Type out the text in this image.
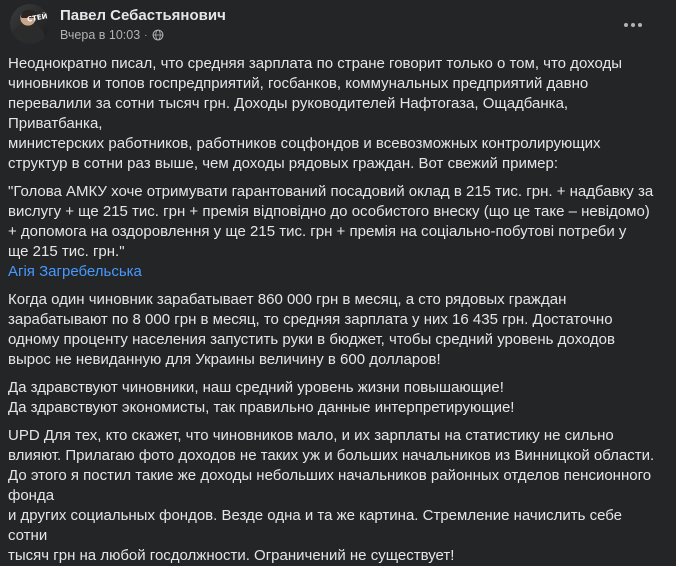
СТЕЙ Павел Себастьянович
Вчера в 10:03 ·

Неоднократно писал, что средняя зарплата по стране говорит только о том, что доходы

чиновников и топов госпредприятий, госбанков, коммунальных предприятий давно

перевалили за сотни тысяч грн. Доходы руководителей Нафтогаза, Ощадбанка, Приватбанка,

министерских работников, работников соцфондов и всевозможных контролирующих

структур в сотни раз выше, чем доходы рядовых граждан. Вот свежий пример:

"Голова АМКУ хоче отримувати гарантований посадовий оклад в 215 тис. грн. + надбавку за

вислугу + ще 215 тис. грн + премія відповідно до особистого внеску (що це таке – невідомо)

+ допомога на оздоровлення у ще 215 тис. грн + премія на соціально-побутові потреби у

ще 215 тис. грн."

Агія Загребельська

Когда один чиновник зарабатывает 860 000 грн в месяц, а сто рядовых граждан

зарабатывают по 8 000 грн в месяц, то средняя зарплата у них 16 435 грн. Достаточно

одному проценту населения запустить руки в бюджет, чтобы средний уровень доходов

вырос не невиданную для Украины величину в 600 долларов!

Да здравствуют чиновники, наш средний уровень жизни повышающие!

Да здравствуют экономисты, так правильно данные интерпретирующие!

UPD Для тех, кто скажет, что чиновников мало, и их зарплаты на статистику не сильно

влияют. Прилагаю фото доходов не таких уж и больших начальников из Винницкой области.

До этого я постил такие же доходы небольших начальников районных отделов пенсионного фонда

и других социальных фондов. Везде одна и та же картина. Стремление начислить себе сотни

тысяч грн на любой госдолжности. Ограничений не существует!
